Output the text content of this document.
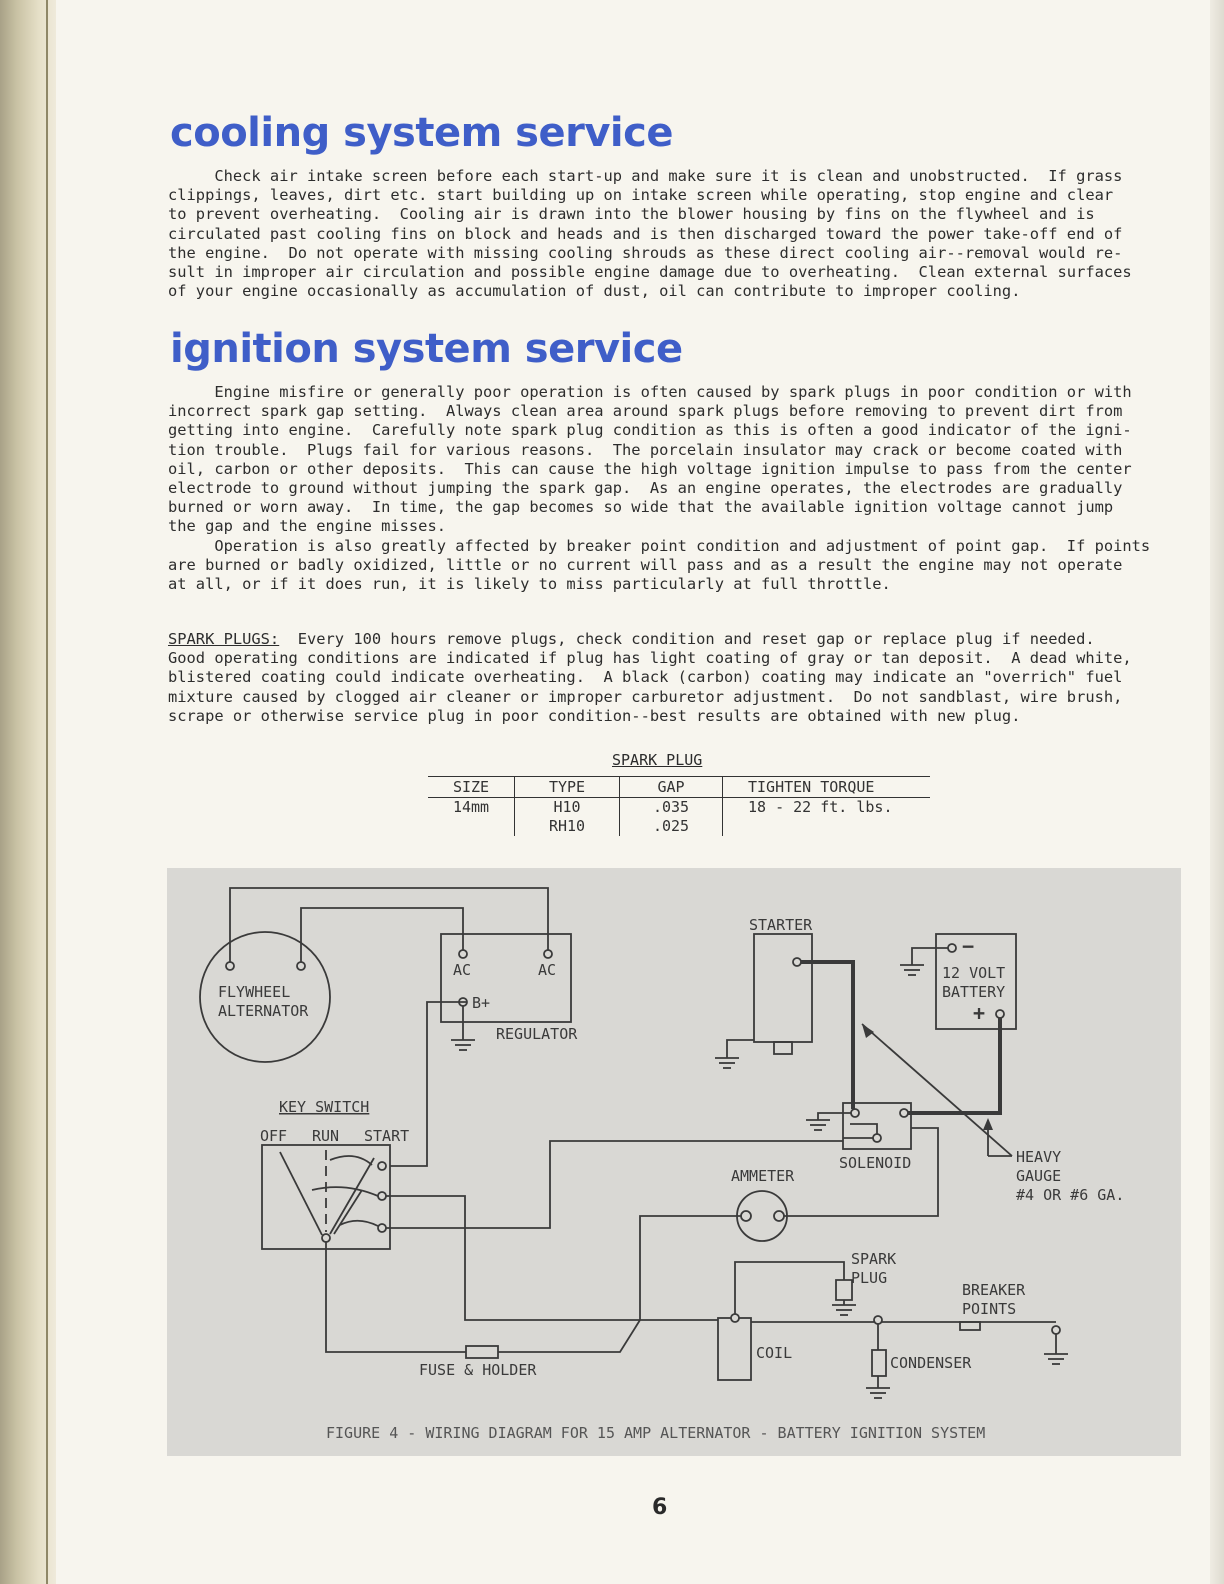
cooling system service

Check air intake screen before each start-up and make sure it is clean and unobstructed.  If grass
clippings, leaves, dirt etc. start building up on intake screen while operating, stop engine and clear
to prevent overheating.  Cooling air is drawn into the blower housing by fins on the flywheel and is
circulated past cooling fins on block and heads and is then discharged toward the power take-off end of
the engine.  Do not operate with missing cooling shrouds as these direct cooling air--removal would re-
sult in improper air circulation and possible engine damage due to overheating.  Clean external surfaces
of your engine occasionally as accumulation of dust, oil can contribute to improper cooling.

ignition system service

Engine misfire or generally poor operation is often caused by spark plugs in poor condition or with
incorrect spark gap setting.  Always clean area around spark plugs before removing to prevent dirt from
getting into engine.  Carefully note spark plug condition as this is often a good indicator of the igni-
tion trouble.  Plugs fail for various reasons.  The porcelain insulator may crack or become coated with
oil, carbon or other deposits.  This can cause the high voltage ignition impulse to pass from the center
electrode to ground without jumping the spark gap.  As an engine operates, the electrodes are gradually
burned or worn away.  In time, the gap becomes so wide that the available ignition voltage cannot jump
the gap and the engine misses.
Operation is also greatly affected by breaker point condition and adjustment of point gap.  If points
are burned or badly oxidized, little or no current will pass and as a result the engine may not operate
at all, or if it does run, it is likely to miss particularly at full throttle.

SPARK PLUGS:  Every 100 hours remove plugs, check condition and reset gap or replace plug if needed.
Good operating conditions are indicated if plug has light coating of gray or tan deposit.  A dead white,
blistered coating could indicate overheating.  A black (carbon) coating may indicate an "overrich" fuel
mixture caused by clogged air cleaner or improper carburetor adjustment.  Do not sandblast, wire brush,
scrape or otherwise service plug in poor condition--best results are obtained with new plug.

SPARK PLUG
SIZE	TYPE	GAP	TIGHTEN TORQUE
14mm	H10	.035	18 - 22 ft. lbs.
	RH10	.025	
STARTER
FLYWHEEL
ALTERNATOR
AC	AC
B+
REGULATOR
−
12 VOLT
BATTERY
+
KEY SWITCH
OFF RUN START
SOLENOID
AMMETER
HEAVY
GAUGE
#4 OR #6 GA.
SPARK
PLUG
BREAKER
POINTS
COIL
CONDENSER
FUSE & HOLDER
FIGURE 4 - WIRING DIAGRAM FOR 15 AMP ALTERNATOR - BATTERY IGNITION SYSTEM
6
